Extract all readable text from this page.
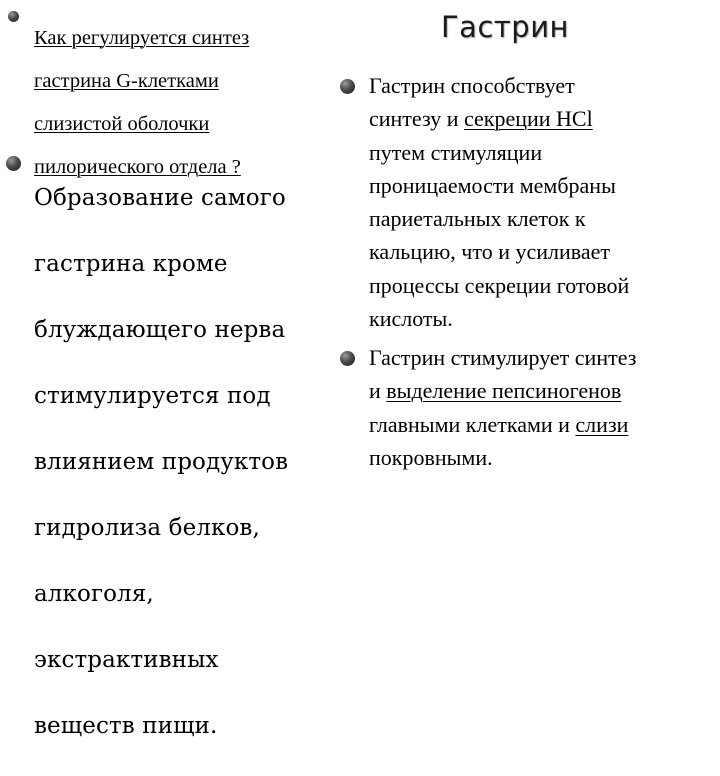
Как регулируется синтез

гастрина G-клетками

слизистой оболочки

пилорического отдела ?

Образование самого

гастрина кроме

блуждающего нерва

стимулируется под

влиянием продуктов

гидролиза белков,

алкоголя,

экстрактивных

веществ пищи.

Гастрин
Гастрин способствует
синтезу и секреции НCl
путем стимуляции
проницаемости мембраны
париетальных клеток к
кальцию, что и усиливает
процессы секреции готовой
кислоты.
Гастрин стимулирует синтез
и выделение пепсиногенов
главными клетками и слизи
покровными.
